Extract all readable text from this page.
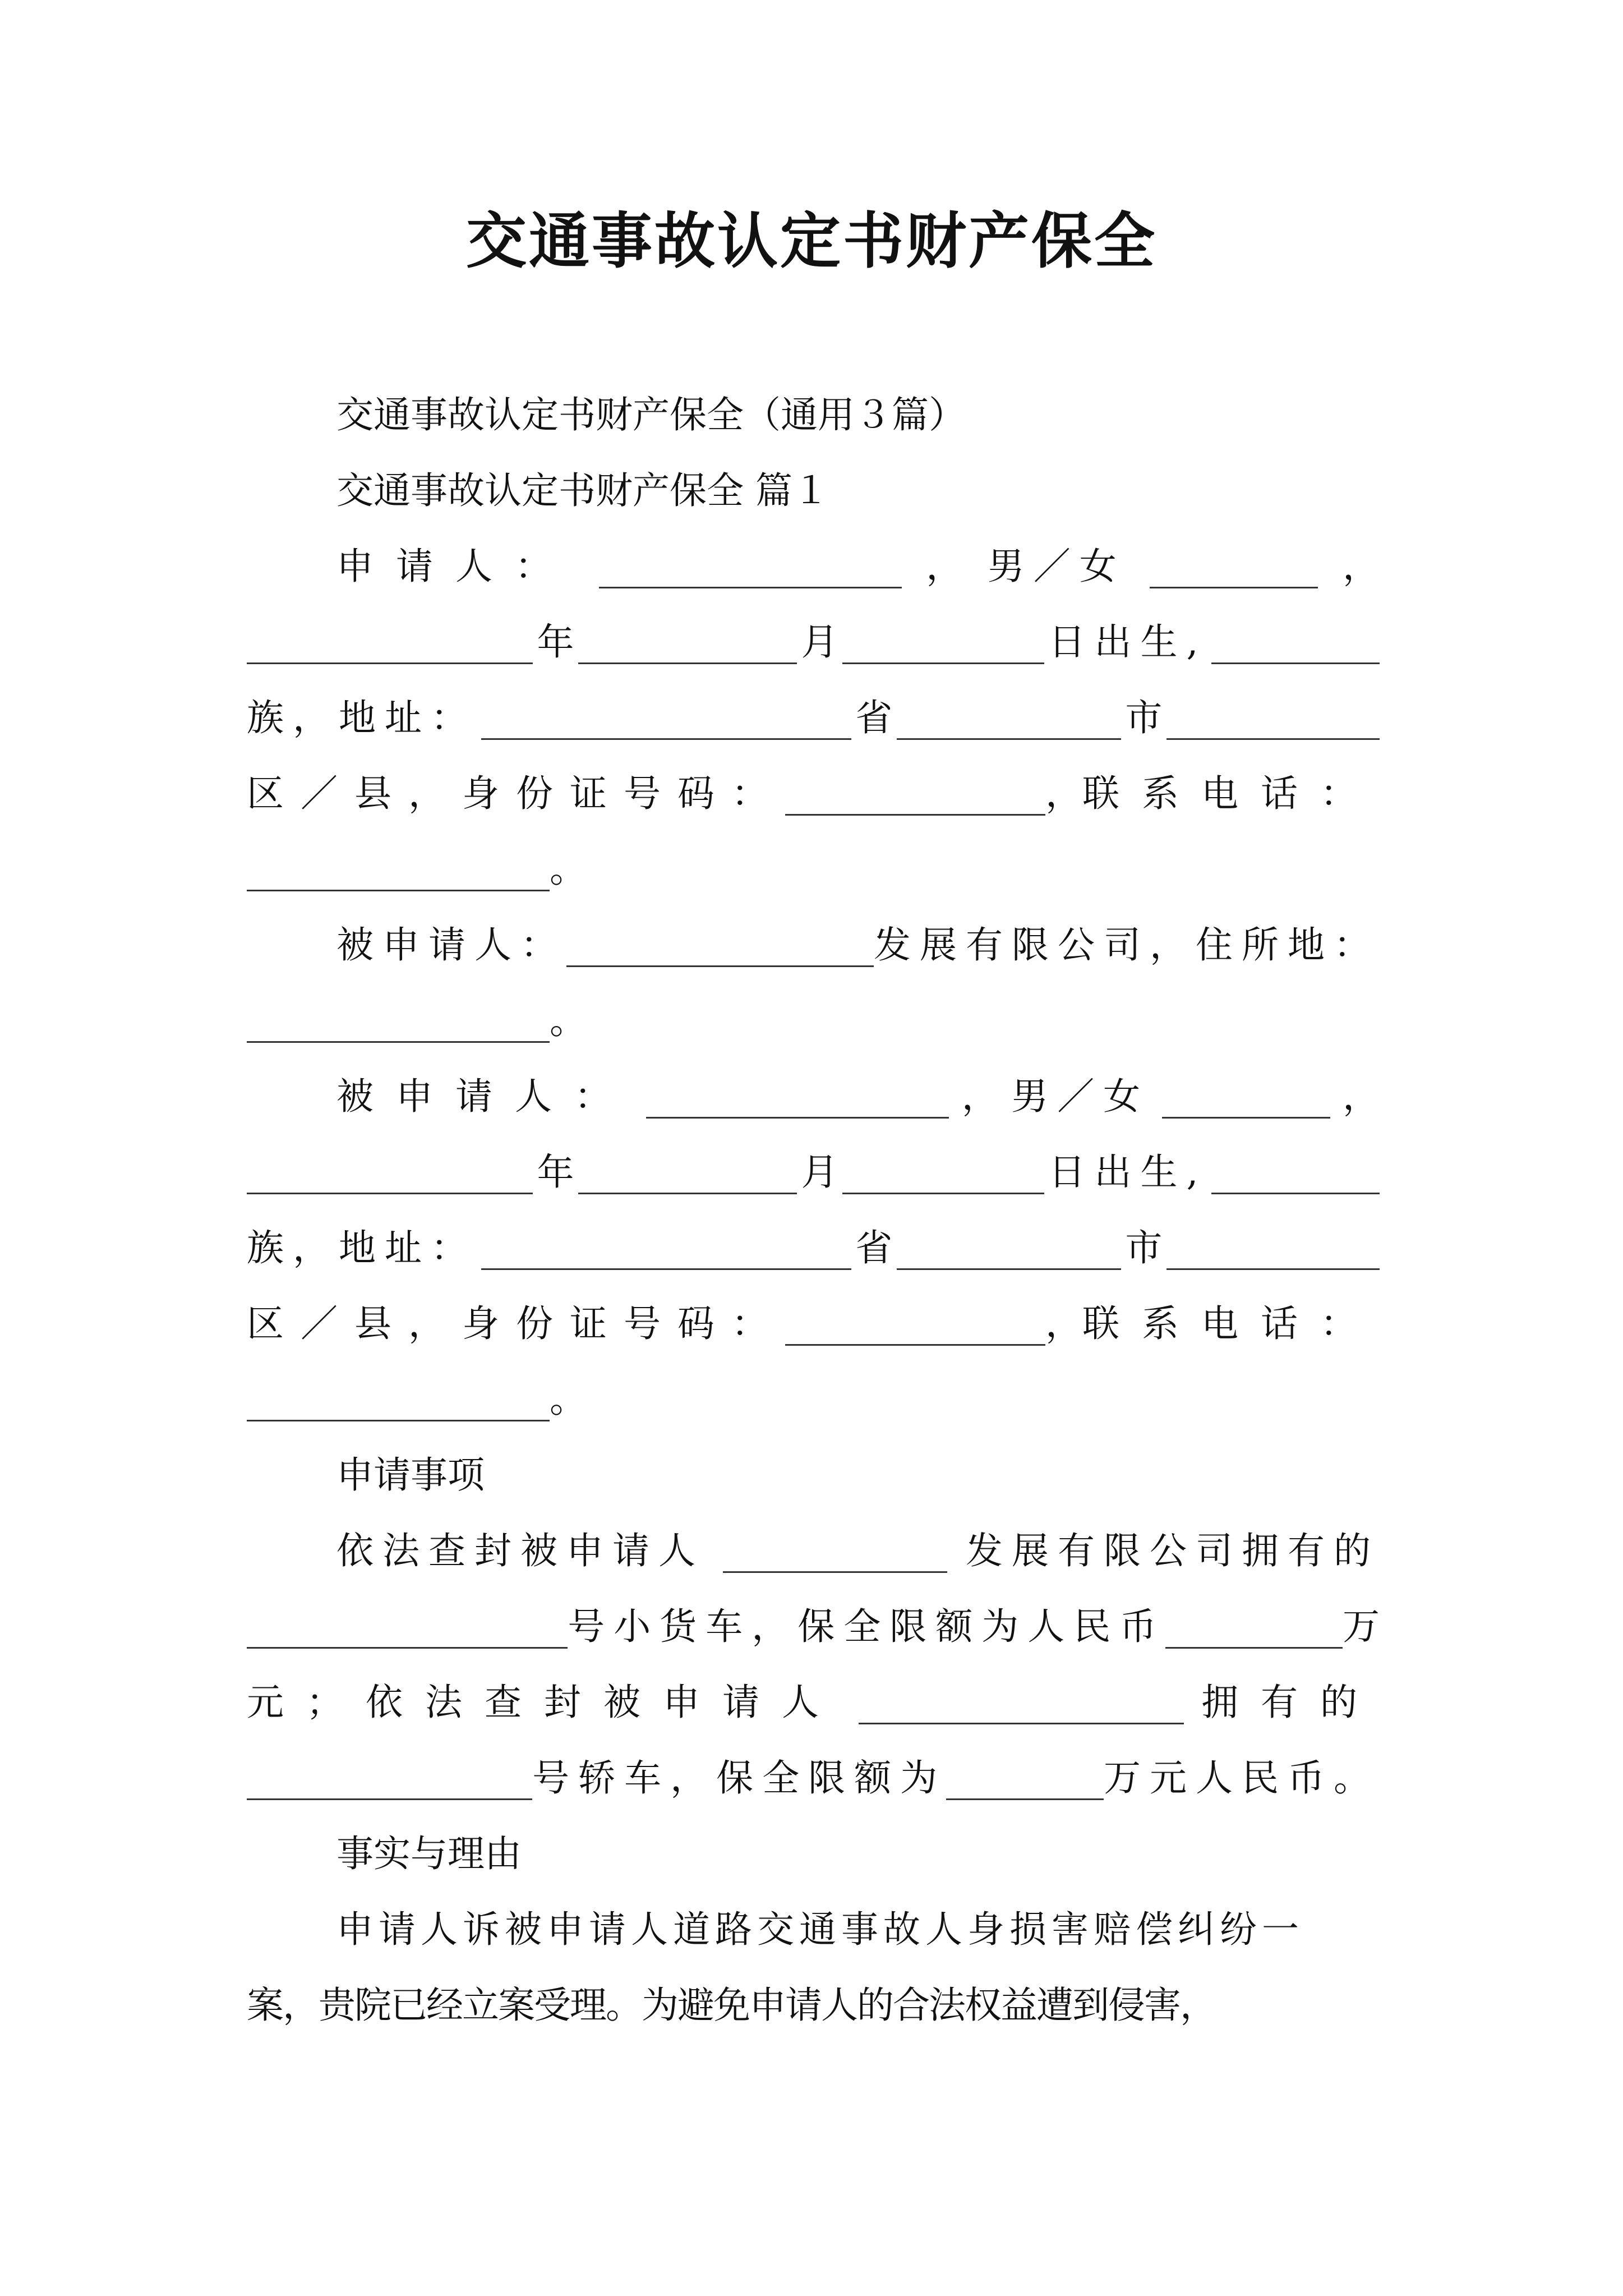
交通事故认定书财产保全
交通事故认定书财产保全（通用３篇）
交通事故认定书财产保全 篇１
申请人：	， 男／女	，
年	月	日出生,
族，地址：	省	市
区／县，身份证号码：	， 联系电话：
。
被申请人：	发展有限公司，住所地：
。
被申请人：	， 男／女	，
年	月	日出生,
族，地址：	省	市
区／县，身份证号码：	， 联系电话：
。
申请事项
依法查封被申请人	发展有限公司拥有的
号小货车，保全限额为人民币	万
元；依法查封被申请人	拥有的
号轿车，保全限额为	万元人民币。
事实与理由
申请人诉被申请人道路交通事故人身损害赔偿纠纷一
案，贵院已经立案受理。为避免申请人的合法权益遭到侵害，
